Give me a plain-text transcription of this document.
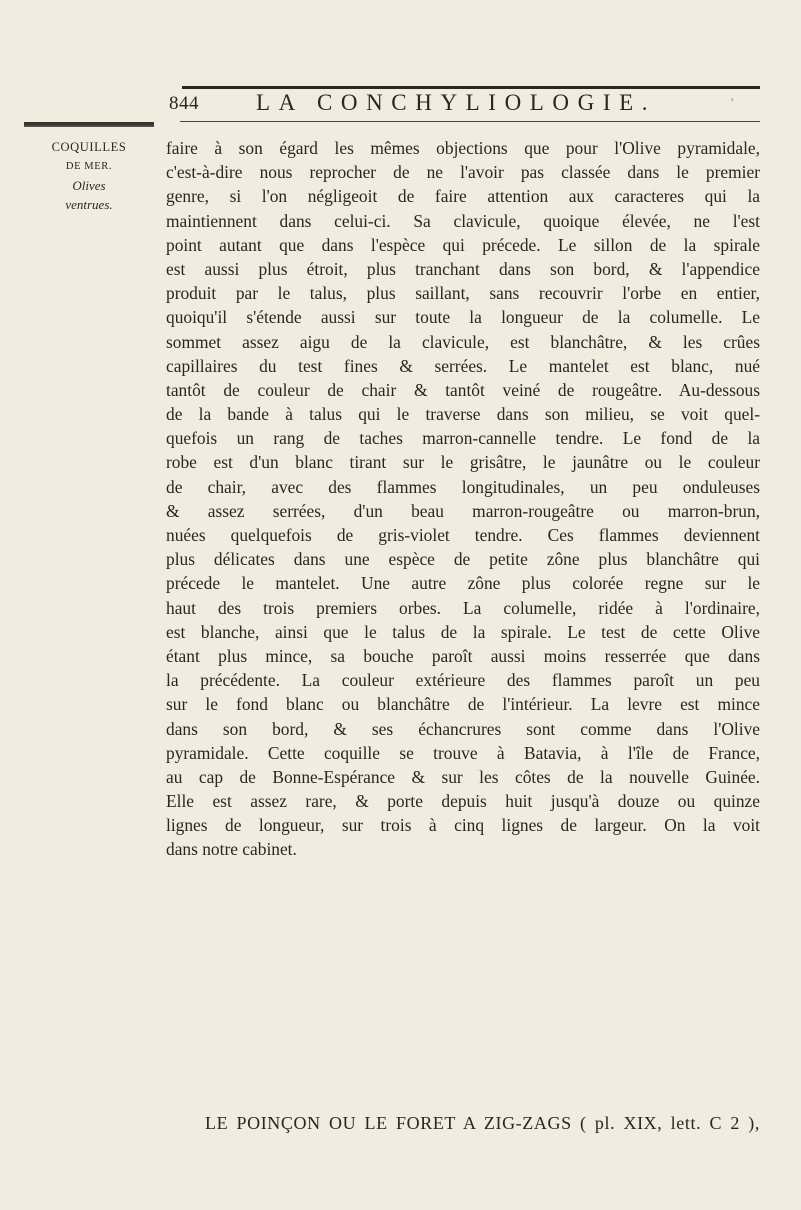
844 LA CONCHYLIOLOGIE.	'
COQUILLES
DE MER.
Olives
ventrues.
faire à son égard les mêmes objections que pour l'Olive pyramidale,
c'est-à-dire nous reprocher de ne l'avoir pas classée dans le premier
genre, si l'on négligeoit de faire attention aux caracteres qui la
maintiennent dans celui-ci. Sa clavicule, quoique élevée, ne l'est
point autant que dans l'espèce qui précede. Le sillon de la spirale
est aussi plus étroit, plus tranchant dans son bord, & l'appendice
produit par le talus, plus saillant, sans recouvrir l'orbe en entier,
quoiqu'il s'étende aussi sur toute la longueur de la columelle. Le
sommet assez aigu de la clavicule, est blanchâtre, & les crûes
capillaires du test fines & serrées. Le mantelet est blanc, nué
tantôt de couleur de chair & tantôt veiné de rougeâtre. Au-dessous
de la bande à talus qui le traverse dans son milieu, se voit quel-
quefois un rang de taches marron-cannelle tendre. Le fond de la
robe est d'un blanc tirant sur le grisâtre, le jaunâtre ou le couleur
de chair, avec des flammes longitudinales, un peu onduleuses
& assez serrées, d'un beau marron-rougeâtre ou marron-brun,
nuées quelquefois de gris-violet tendre. Ces flammes deviennent
plus délicates dans une espèce de petite zône plus blanchâtre qui
précede le mantelet. Une autre zône plus colorée regne sur le
haut des trois premiers orbes. La columelle, ridée à l'ordinaire,
est blanche, ainsi que le talus de la spirale. Le test de cette Olive
étant plus mince, sa bouche paroît aussi moins resserrée que dans
la précédente. La couleur extérieure des flammes paroît un peu
sur le fond blanc ou blanchâtre de l'intérieur. La levre est mince
dans son bord, & ses échancrures sont comme dans l'Olive
pyramidale. Cette coquille se trouve à Batavia, à l'île de France,
au cap de Bonne-Espérance & sur les côtes de la nouvelle Guinée.
Elle est assez rare, & porte depuis huit jusqu'à douze ou quinze
lignes de longueur, sur trois à cinq lignes de largeur. On la voit
dans notre cabinet.
LE POINÇON OU LE FORET A ZIG-ZAGS ( pl. XIX, lett. C 2 ),
